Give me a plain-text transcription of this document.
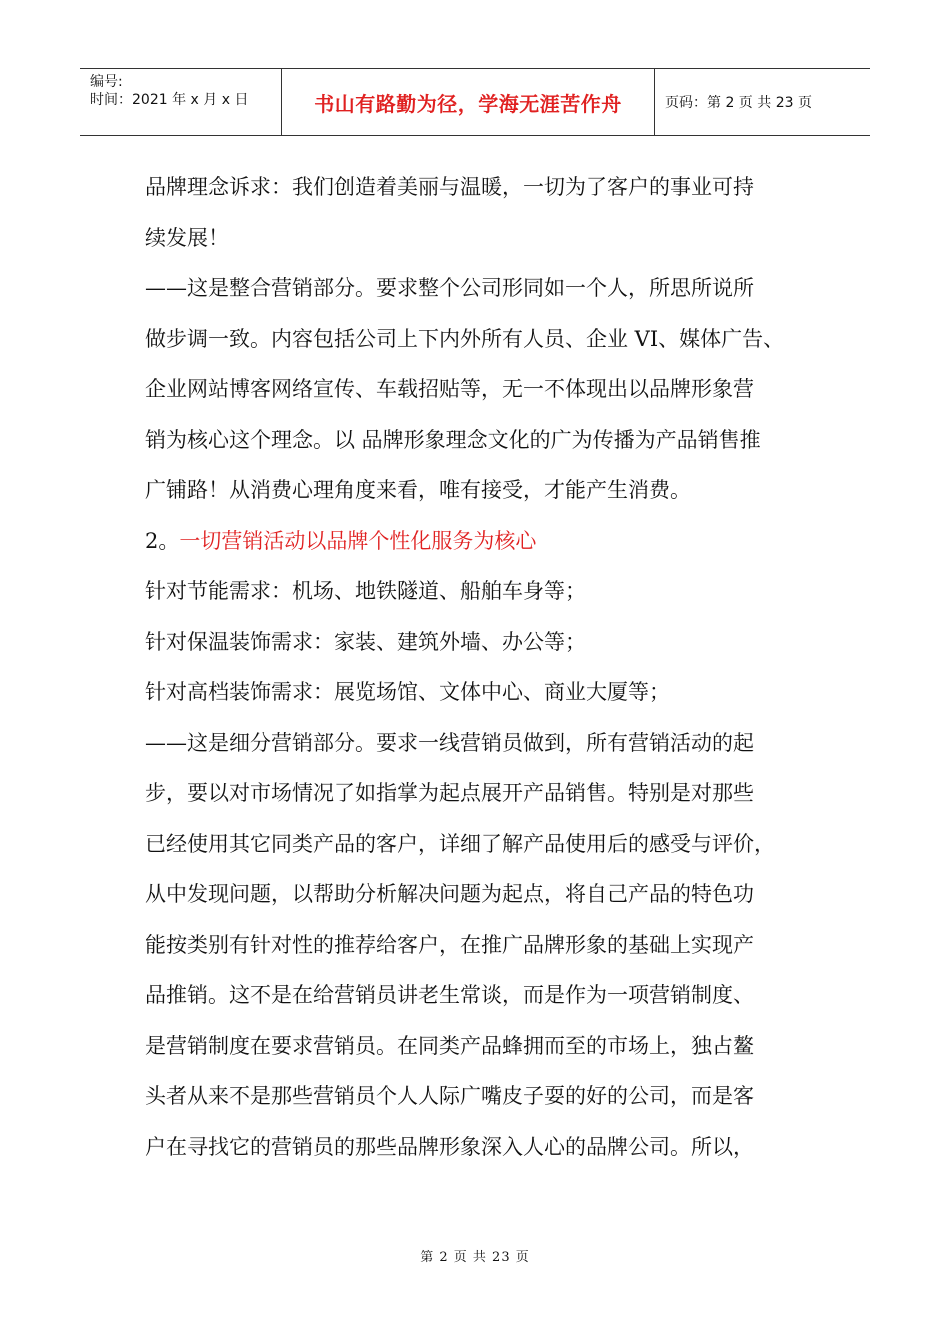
编号:
时间：2021 年 x 月 x 日	书山有路勤为径，学海无涯苦作舟	页码：第 2 页 共 23 页

品牌理念诉求：我们创造着美丽与温暖，一切为了客户的事业可持

续发展！

——这是整合营销部分。要求整个公司形同如一个人，所思所说所

做步调一致。内容包括公司上下内外所有人员、企业 VI、媒体广告、

企业网站博客网络宣传、车载招贴等，无一不体现出以品牌形象营

销为核心这个理念。以 品牌形象理念文化的广为传播为产品销售推

广铺路！从消费心理角度来看，唯有接受，才能产生消费。

2。一切营销活动以品牌个性化服务为核心

针对节能需求：机场、地铁隧道、船舶车身等；

针对保温装饰需求：家装、建筑外墙、办公等；

针对高档装饰需求：展览场馆、文体中心、商业大厦等；

——这是细分营销部分。要求一线营销员做到，所有营销活动的起

步，要以对市场情况了如指掌为起点展开产品销售。特别是对那些

已经使用其它同类产品的客户，详细了解产品使用后的感受与评价，

从中发现问题，以帮助分析解决问题为起点，将自己产品的特色功

能按类别有针对性的推荐给客户，在推广品牌形象的基础上实现产

品推销。这不是在给营销员讲老生常谈，而是作为一项营销制度、

是营销制度在要求营销员。在同类产品蜂拥而至的市场上，独占鳌

头者从来不是那些营销员个人人际广嘴皮子耍的好的公司，而是客

户在寻找它的营销员的那些品牌形象深入人心的品牌公司。所以，

第 2 页 共 23 页
